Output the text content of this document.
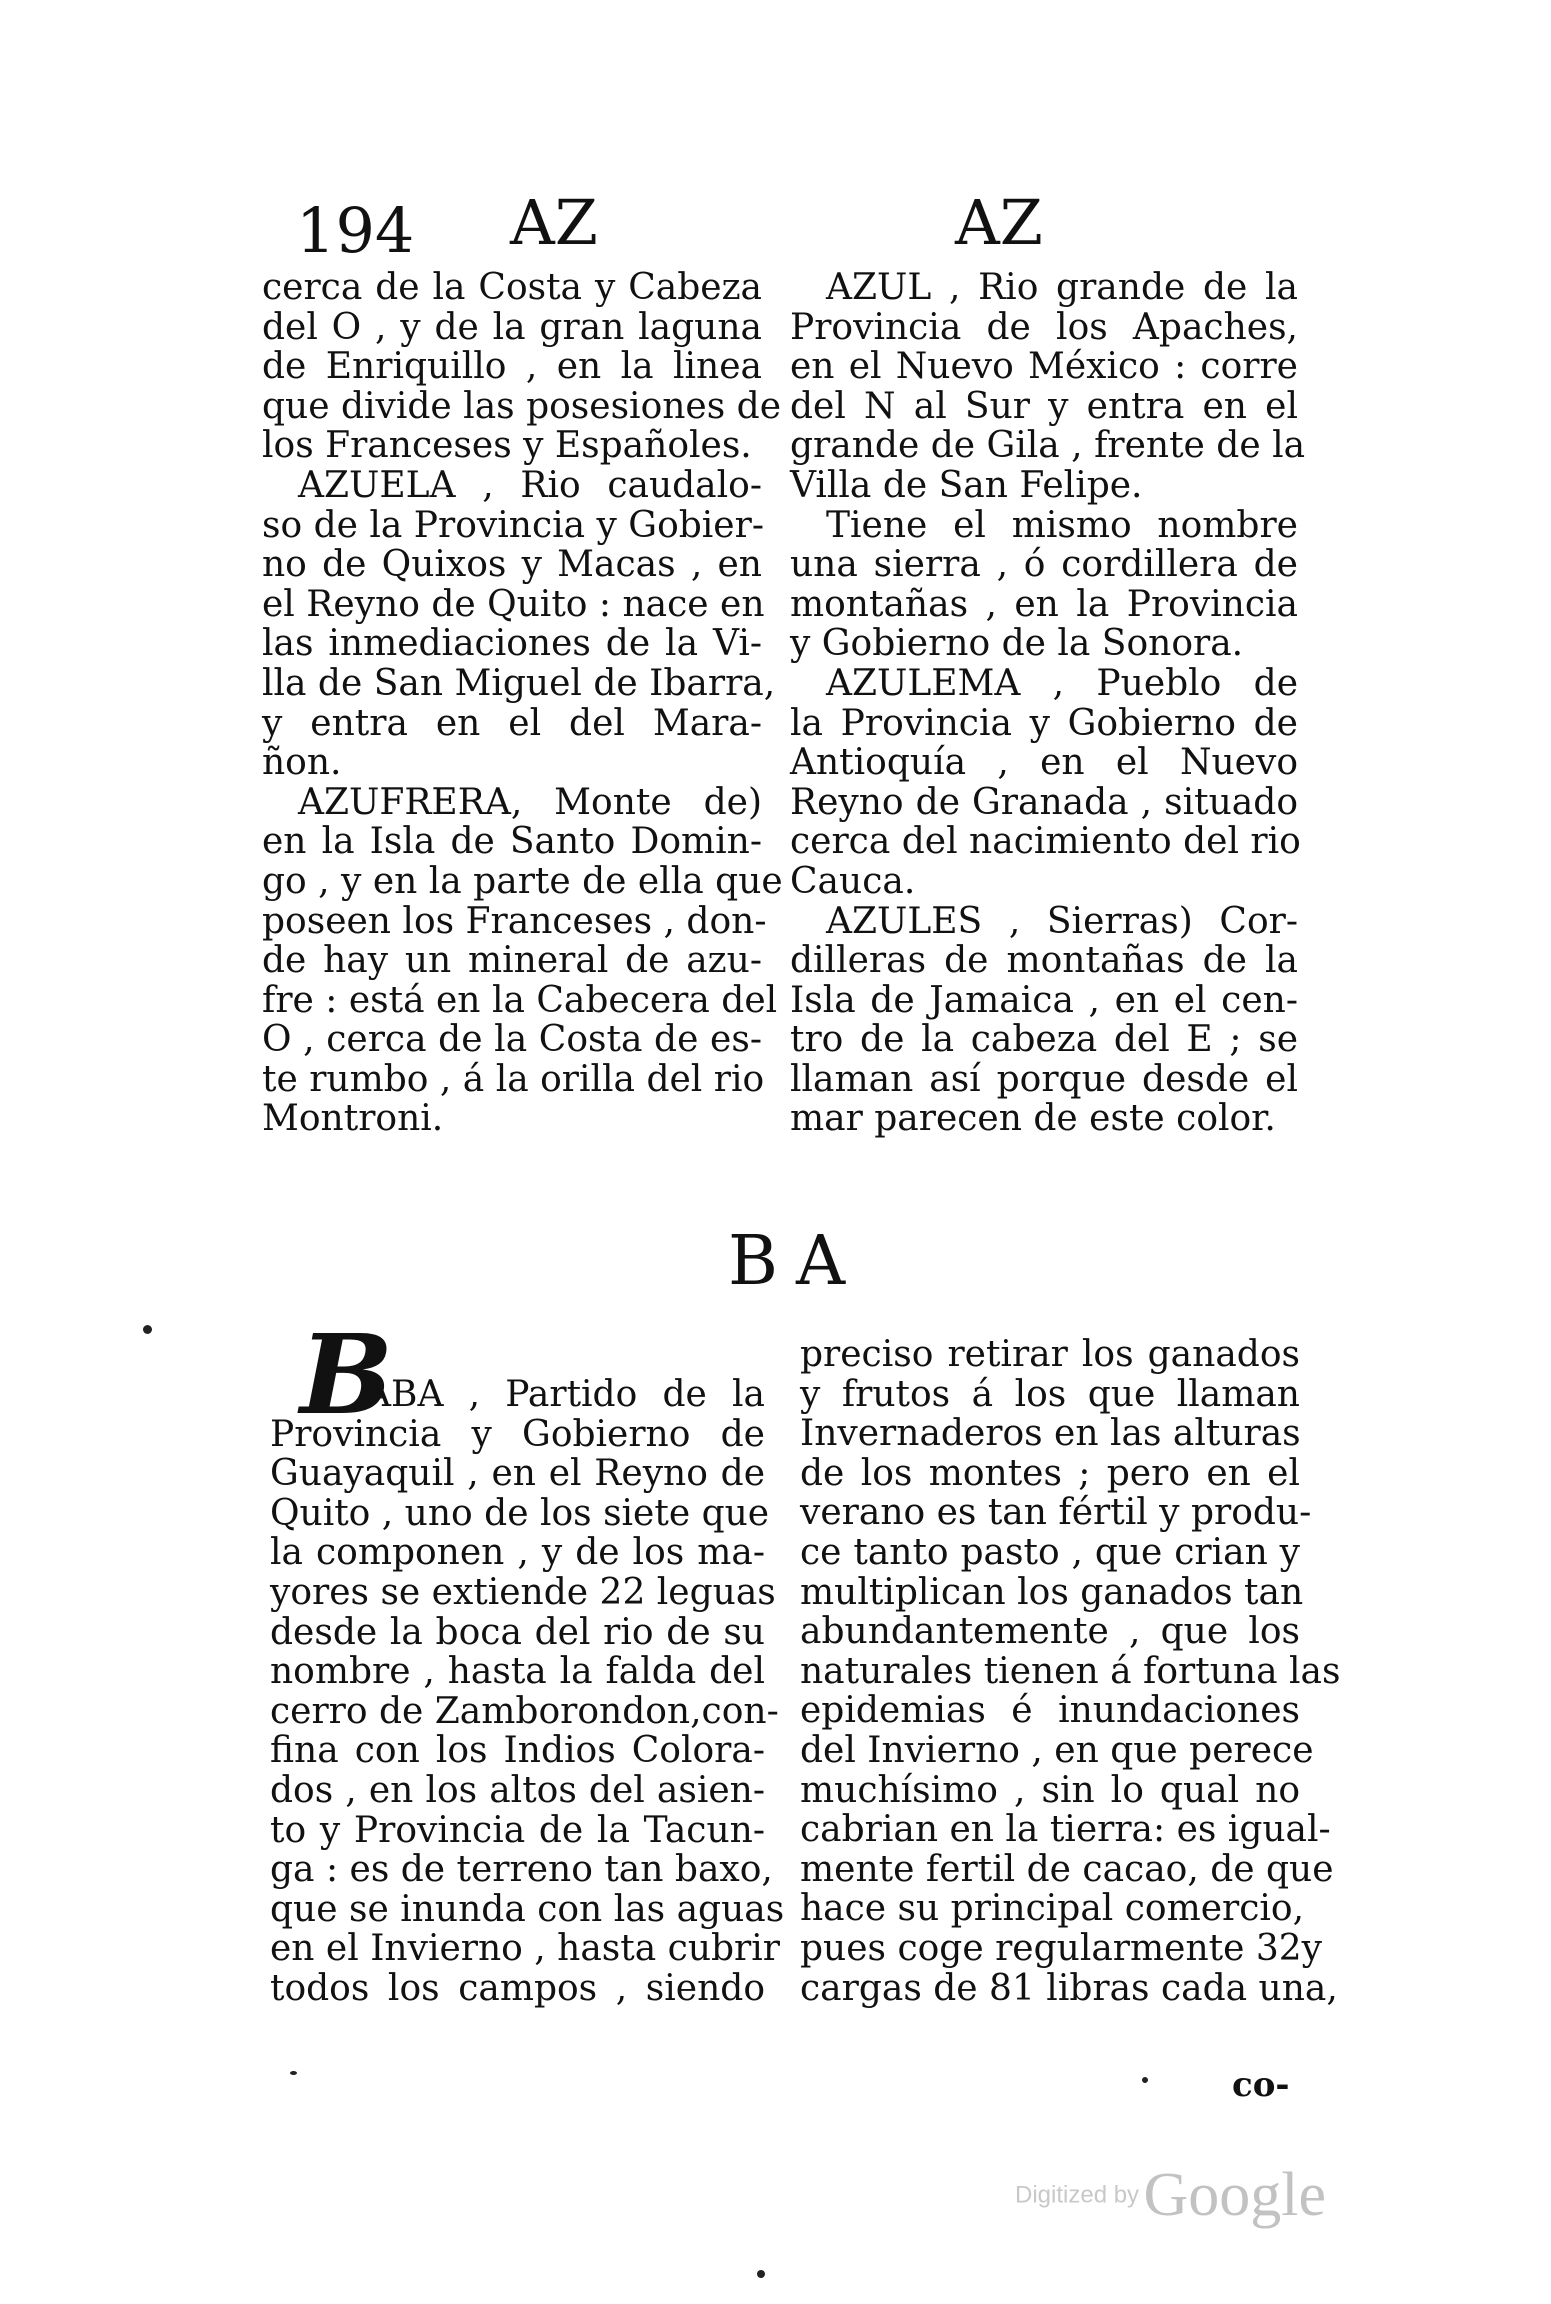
194 AZ	AZ
cerca de la Costa y Cabeza
del O , y de la gran laguna
de Enriquillo , en la linea
que divide las posesiones de
los Franceses y Españoles.
AZUELA , Rio caudalo-
so de la Provincia y Gobier-
no de Quixos y Macas , en
el Reyno de Quito : nace en
las inmediaciones de la Vi-
lla de San Miguel de Ibarra,
y entra en el del Mara-
ñon.
AZUFRERA, Monte de)
en la Isla de Santo Domin-
go , y en la parte de ella que
poseen los Franceses , don-
de hay un mineral de azu-
fre : está en la Cabecera del
O , cerca de la Costa de es-
te rumbo , á la orilla del rio
Montroni.
AZUL , Rio grande de la
Provincia de los Apaches,
en el Nuevo México : corre
del N al Sur y entra en el
grande de Gila , frente de la
Villa de San Felipe.
Tiene el mismo nombre
una sierra , ó cordillera de
montañas , en la Provincia
y Gobierno de la Sonora.
AZULEMA , Pueblo de
la Provincia y Gobierno de
Antioquía , en el Nuevo
Reyno de Granada , situado
cerca del nacimiento del rio
Cauca.
AZULES , Sierras) Cor-
dilleras de montañas de la
Isla de Jamaica , en el cen-
tro de la cabeza del E ; se
llaman así porque desde el
mar parecen de este color.
BA
B
ABA , Partido de la
Provincia y Gobierno de
Guayaquil , en el Reyno de
Quito , uno de los siete que
la componen , y de los ma-
yores se extiende 22 leguas
desde la boca del rio de su
nombre , hasta la falda del
cerro de Zamborondon,con-
fina con los Indios Colora-
dos , en los altos del asien-
to y Provincia de la Tacun-
ga : es de terreno tan baxo,
que se inunda con las aguas
en el Invierno , hasta cubrir
todos los campos , siendo
preciso retirar los ganados
y frutos á los que llaman
Invernaderos en las alturas
de los montes ; pero en el
verano es tan fértil y produ-
ce tanto pasto , que crian y
multiplican los ganados tan
abundantemente , que los
naturales tienen á fortuna las
epidemias é inundaciones
del Invierno , en que perece
muchísimo , sin lo qual no
cabrian en la tierra: es igual-
mente fertil de cacao, de que
hace su principal comercio,
pues coge regularmente 32y
cargas de 81 libras cada una,
co-
Digitized by Google
